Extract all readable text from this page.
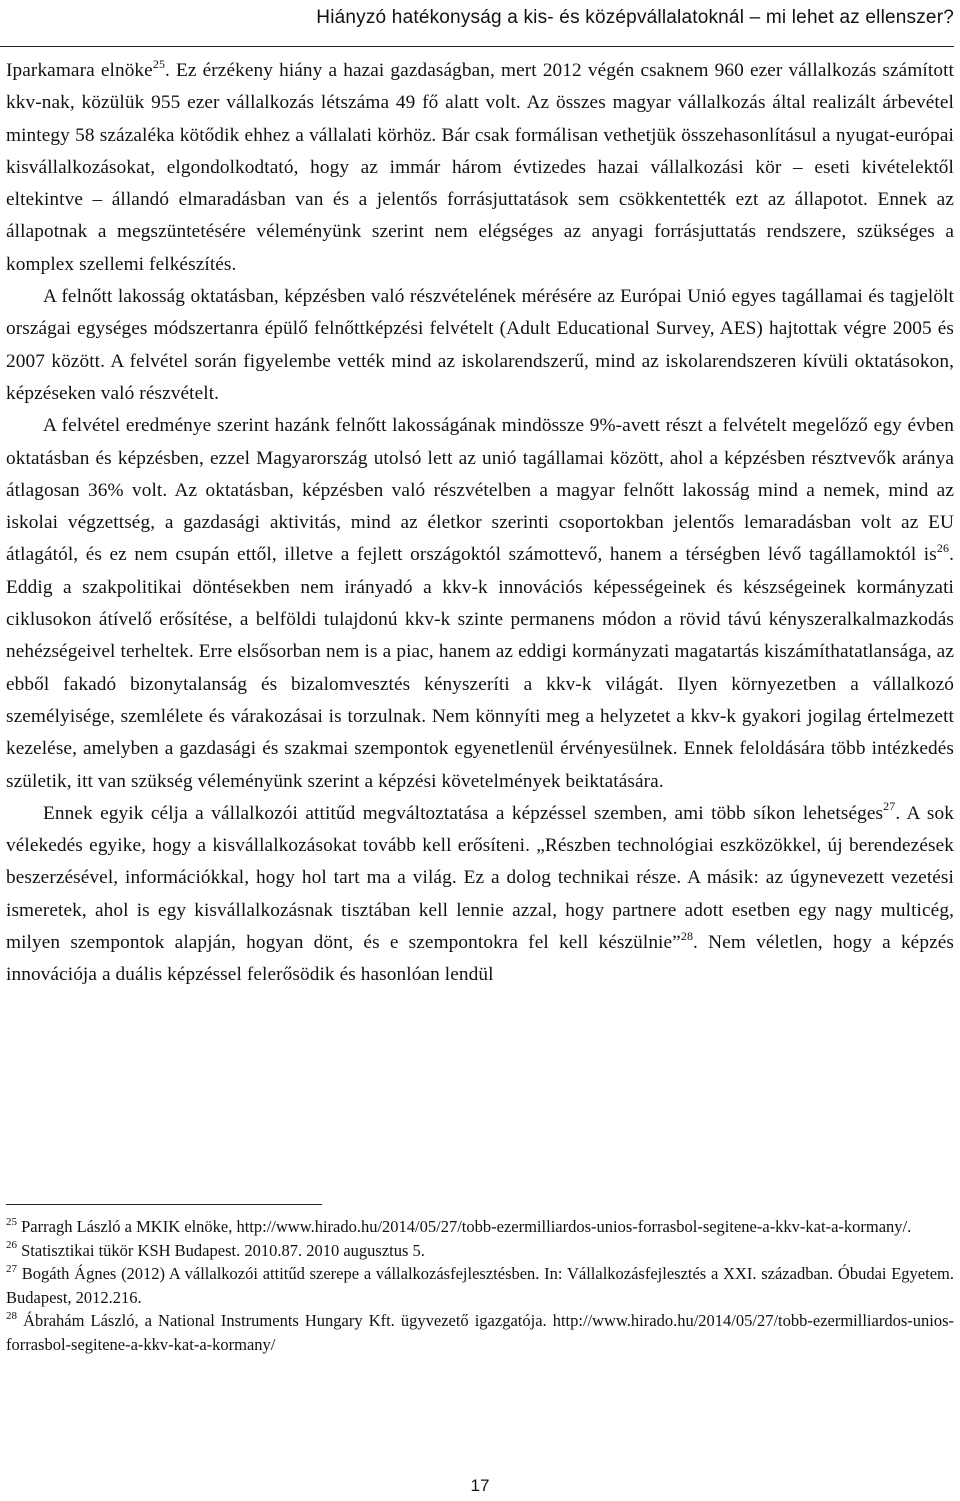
Hiányzó hatékonyság a kis- és középvállalatoknál – mi lehet az ellenszer?

Iparkamara elnöke$^{25}$. Ez érzékeny hiány a hazai gazdaságban, mert 2012 végén csaknem 960 ezer vállalkozás számított kkv-nak, közülük 955 ezer vállalkozás létszáma 49 fő alatt volt. Az összes magyar vállalkozás által realizált árbevétel mintegy 58 százaléka kötődik ehhez a vállalati körhöz. Bár csak formálisan vethetjük összehasonlításul a nyugat-európai kisvállalkozásokat, elgondolkodtató, hogy az immár három évtizedes hazai vállalkozási kör – eseti kivételektől eltekintve – állandó elmaradásban van és a jelentős forrásjuttatások sem csökkentették ezt az állapotot. Ennek az állapotnak a megszüntetésére véleményünk szerint nem elégséges az anyagi forrásjuttatás rendszere, szükséges a komplex szellemi felkészítés.

A felnőtt lakosság oktatásban, képzésben való részvételének mérésére az Európai Unió egyes tagállamai és tagjelölt országai egységes módszertanra épülő felnőttképzési felvételt (Adult Educational Survey, AES) hajtottak végre 2005 és 2007 között. A felvétel során figyelembe vették mind az iskolarendszerű, mind az iskolarendszeren kívüli oktatásokon, képzéseken való részvételt.

A felvétel eredménye szerint hazánk felnőtt lakosságának mindössze 9%-avett részt a felvételt megelőző egy évben oktatásban és képzésben, ezzel Magyarország utolsó lett az unió tagállamai között, ahol a képzésben résztvevők aránya átlagosan 36% volt. Az oktatásban, képzésben való részvételben a magyar felnőtt lakosság mind a nemek, mind az iskolai végzettség, a gazdasági aktivitás, mind az életkor szerinti csoportokban jelentős lemaradásban volt az EU átlagától, és ez nem csupán ettől, illetve a fejlett országoktól számottevő, hanem a térségben lévő tagállamoktól $is^{26}$. Eddig a szakpolitikai döntésekben nem irányadó a kkv-k innovációs képességeinek és készségeinek kormányzati ciklusokon átívelő erősítése, a belföldi tulajdonú kkv-k szinte permanens módon a rövid távú kényszeralkalmazkodás nehézségeivel terheltek. Erre elsősorban nem is a piac, hanem az eddigi kormányzati magatartás kiszámíthatatlansága, az ebből fakadó bizonytalanság és bizalomvesztés kényszeríti a kkv-k világát. Ilyen környezetben a vállalkozó személyisége, szemlélete és várakozásai is torzulnak. Nem könnyíti meg a helyzetet a kkv-k gyakori jogilag értelmezett kezelése, amelyben a gazdasági és szakmai szempontok egyenetlenül érvényesülnek. Ennek feloldására több intézkedés születik, itt van szükség véleményünk szerint a képzési követelmények beiktatására.

Ennek egyik célja a vállalkozói attitűd megváltoztatása a képzéssel szemben, ami több síkon lehetséges$^{27}$. A sok vélekedés egyike, hogy a kisvállalkozásokat tovább kell erősíteni. „Részben technológiai eszközökkel, új berendezések beszerzésével, információkkal, hogy hol tart ma a világ. Ez a dolog technikai része. A másik: az úgynevezett vezetési ismeretek, ahol is egy kisvállalkozásnak tisztában kell lennie azzal, hogy partnere adott esetben egy nagy multicég, milyen szempontok alapján, hogyan dönt, és e szempontokra fel kell készülnie”$^{28}$. Nem véletlen, hogy a képzés innovációja a duális képzéssel felerősödik és hasonlóan lendül

$^{25}$ Parragh László a MKIK elnöke, http://www.hirado.hu/2014/05/27/tobb-ezermilliardos-unios-forrasbol-segitene-a-kkv-kat-a-kormany/.

$^{26}$ Statisztikai tükör KSH Budapest. 2010.87. 2010 augusztus 5.

$^{27}$ Bogáth Ágnes (2012) A vállalkozói attitűd szerepe a vállalkozásfejlesztésben. In: Vállalkozásfejlesztés a XXI. században. Óbudai Egyetem. Budapest, 2012.216.

$^{28}$ Ábrahám László, a National Instruments Hungary Kft. ügyvezető igazgatója. http://www.hirado.hu/2014/05/27/tobb-ezermilliardos-unios-forrasbol-segitene-a-kkv-kat-a-kormany/

17
